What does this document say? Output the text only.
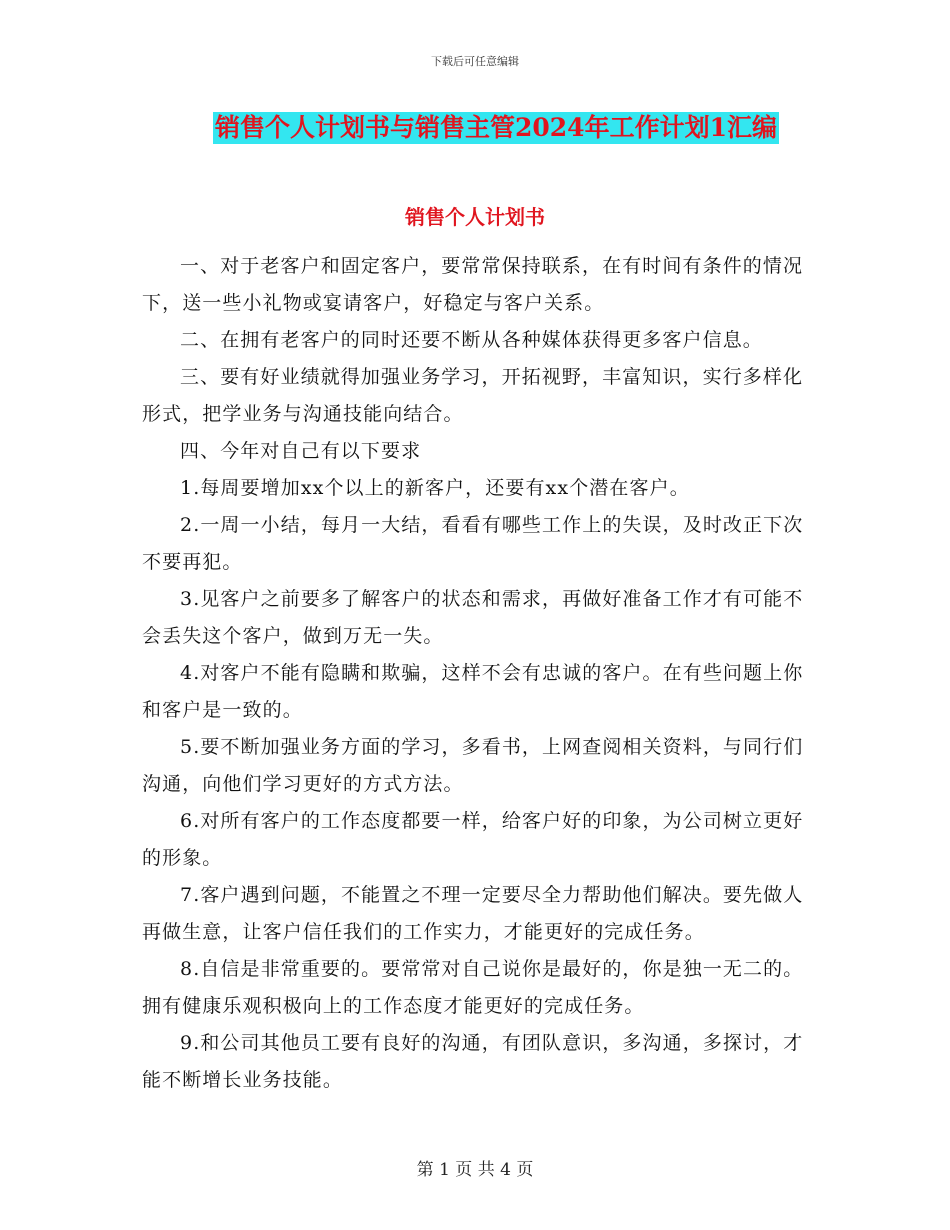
下载后可任意编辑
销售个人计划书与销售主管2024年工作计划1汇编
销售个人计划书

一、对于老客户和固定客户，要常常保持联系，在有时间有条件的情况下，送一些小礼物或宴请客户，好稳定与客户关系。

二、在拥有老客户的同时还要不断从各种媒体获得更多客户信息。

三、要有好业绩就得加强业务学习，开拓视野，丰富知识，实行多样化形式，把学业务与沟通技能向结合。

四、今年对自己有以下要求

1.每周要增加xx个以上的新客户，还要有xx个潜在客户。

2.一周一小结，每月一大结，看看有哪些工作上的失误，及时改正下次不要再犯。

3.见客户之前要多了解客户的状态和需求，再做好准备工作才有可能不会丢失这个客户，做到万无一失。

4.对客户不能有隐瞒和欺骗，这样不会有忠诚的客户。在有些问题上你和客户是一致的。

5.要不断加强业务方面的学习，多看书，上网查阅相关资料，与同行们沟通，向他们学习更好的方式方法。

6.对所有客户的工作态度都要一样，给客户好的印象，为公司树立更好的形象。

7.客户遇到问题，不能置之不理一定要尽全力帮助他们解决。要先做人再做生意，让客户信任我们的工作实力，才能更好的完成任务。

8.自信是非常重要的。要常常对自己说你是最好的，你是独一无二的。拥有健康乐观积极向上的工作态度才能更好的完成任务。

9.和公司其他员工要有良好的沟通，有团队意识，多沟通，多探讨，才能不断增长业务技能。

第 1 页 共 4 页
